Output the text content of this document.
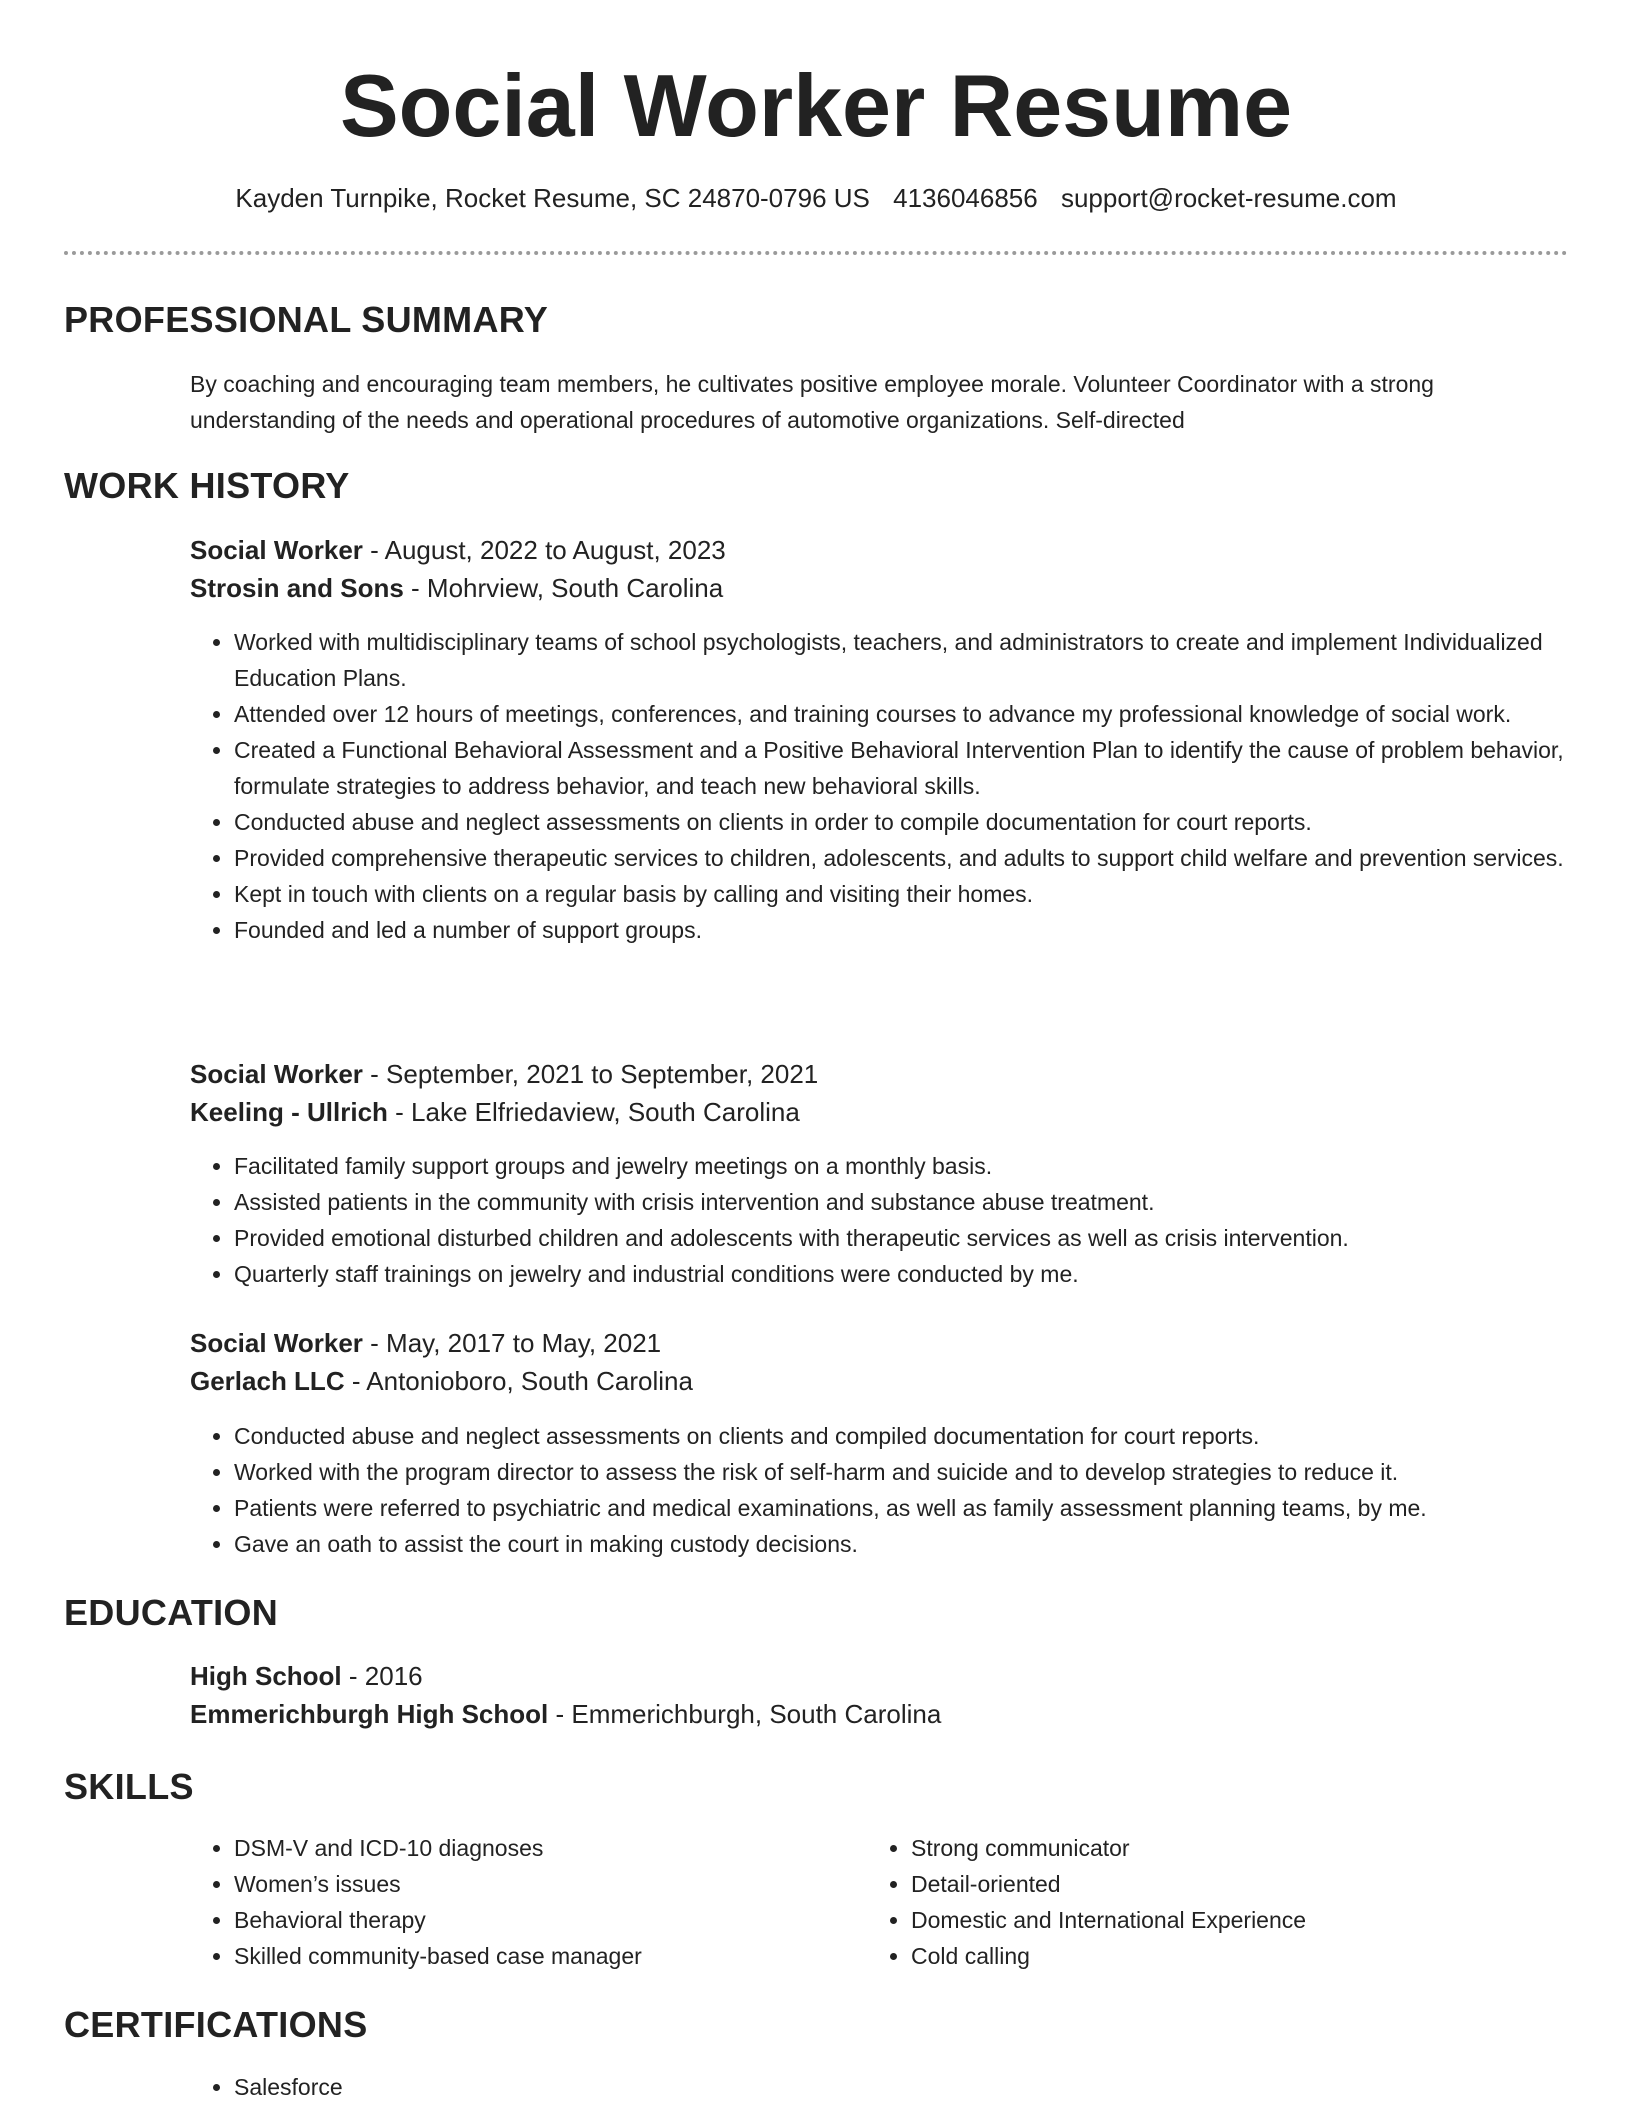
Social Worker Resume
Kayden Turnpike, Rocket Resume, SC 24870-0796 US 4136046856 support@rocket-resume.com
PROFESSIONAL SUMMARY

By coaching and encouraging team members, he cultivates positive employee morale. Volunteer Coordinator with a strong understanding of the needs and operational procedures of automotive organizations. Self-directed

WORK HISTORY
Social Worker - August, 2022 to August, 2023
Strosin and Sons - Mohrview, South Carolina
• Worked with multidisciplinary teams of school psychologists, teachers, and administrators to create and implement Individualized Education Plans.
• Attended over 12 hours of meetings, conferences, and training courses to advance my professional knowledge of social work.
• Created a Functional Behavioral Assessment and a Positive Behavioral Intervention Plan to identify the cause of problem behavior, formulate strategies to address behavior, and teach new behavioral skills.
• Conducted abuse and neglect assessments on clients in order to compile documentation for court reports.
• Provided comprehensive therapeutic services to children, adolescents, and adults to support child welfare and prevention services.
• Kept in touch with clients on a regular basis by calling and visiting their homes.
• Founded and led a number of support groups.
Social Worker - September, 2021 to September, 2021
Keeling - Ullrich - Lake Elfriedaview, South Carolina
• Facilitated family support groups and jewelry meetings on a monthly basis.
• Assisted patients in the community with crisis intervention and substance abuse treatment.
• Provided emotional disturbed children and adolescents with therapeutic services as well as crisis intervention.
• Quarterly staff trainings on jewelry and industrial conditions were conducted by me.
Social Worker - May, 2017 to May, 2021
Gerlach LLC - Antonioboro, South Carolina
• Conducted abuse and neglect assessments on clients and compiled documentation for court reports.
• Worked with the program director to assess the risk of self-harm and suicide and to develop strategies to reduce it.
• Patients were referred to psychiatric and medical examinations, as well as family assessment planning teams, by me.
• Gave an oath to assist the court in making custody decisions.
EDUCATION
High School - 2016
Emmerichburgh High School - Emmerichburgh, South Carolina
SKILLS
• DSM-V and ICD-10 diagnoses
• Women’s issues
• Behavioral therapy
• Skilled community-based case manager
• Strong communicator
• Detail-oriented
• Domestic and International Experience
• Cold calling
CERTIFICATIONS
• Salesforce
